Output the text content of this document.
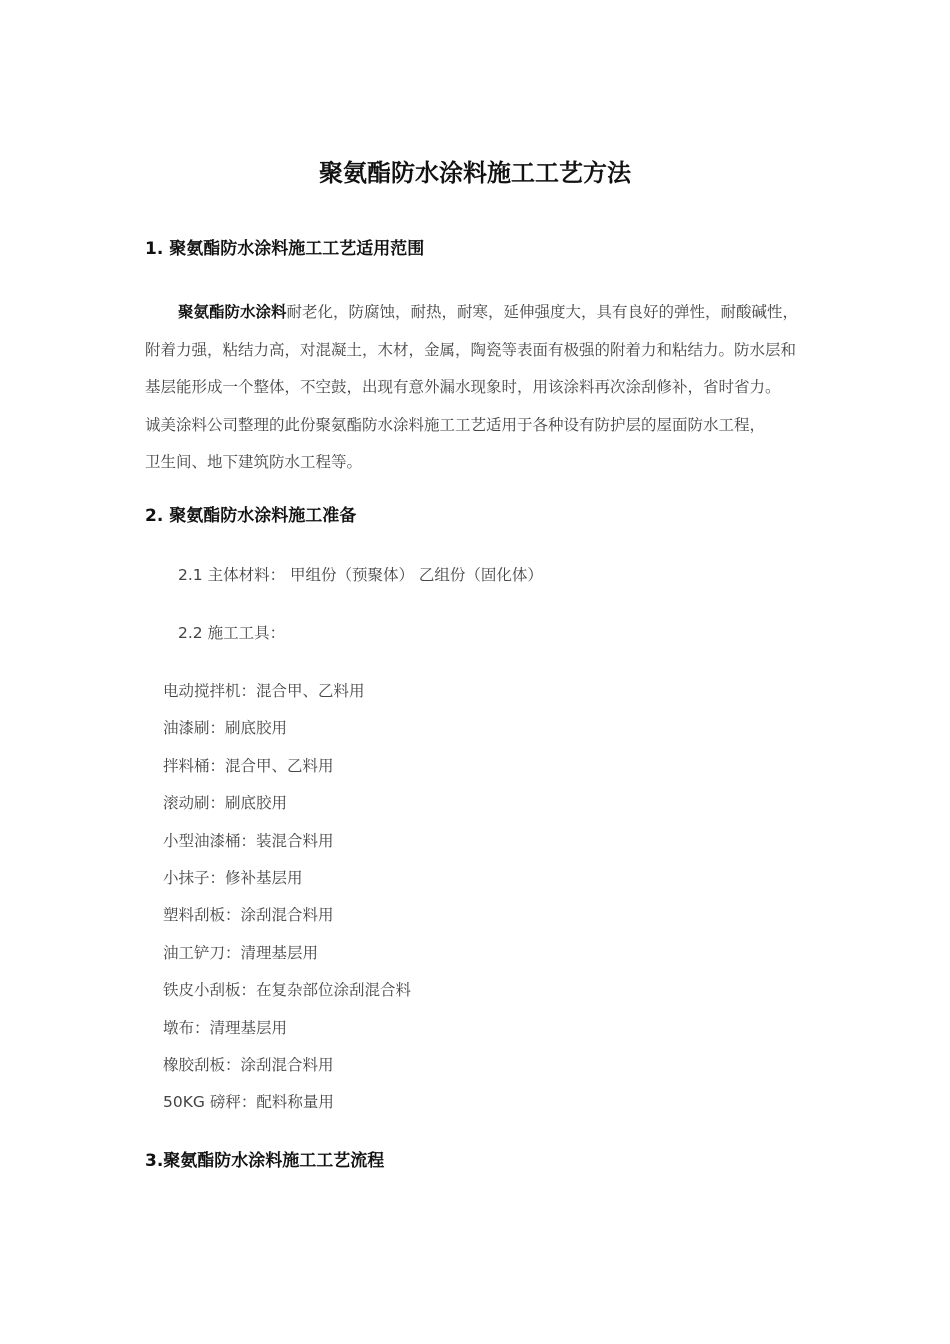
聚氨酯防水涂料施工工艺方法
1. 聚氨酯防水涂料施工工艺适用范围
聚氨酯防水涂料耐老化，防腐蚀，耐热，耐寒，延伸强度大，具有良好的弹性，耐酸碱性，
附着力强，粘结力高，对混凝土，木材，金属，陶瓷等表面有极强的附着力和粘结力。防水层和
基层能形成一个整体，不空鼓，出现有意外漏水现象时，用该涂料再次涂刮修补，省时省力。
诚美涂料公司整理的此份聚氨酯防水涂料施工工艺适用于各种设有防护层的屋面防水工程，
卫生间、地下建筑防水工程等。
2. 聚氨酯防水涂料施工准备
2.1 主体材料： 甲组份（预聚体） 乙组份（固化体）
2.2 施工工具：
电动搅拌机：混合甲、乙料用
油漆刷：刷底胶用
拌料桶：混合甲、乙料用
滚动刷：刷底胶用
小型油漆桶：装混合料用
小抹子：修补基层用
塑料刮板：涂刮混合料用
油工铲刀：清理基层用
铁皮小刮板：在复杂部位涂刮混合料
墩布：清理基层用
橡胶刮板：涂刮混合料用
50KG 磅秤：配料称量用
3.聚氨酯防水涂料施工工艺流程
